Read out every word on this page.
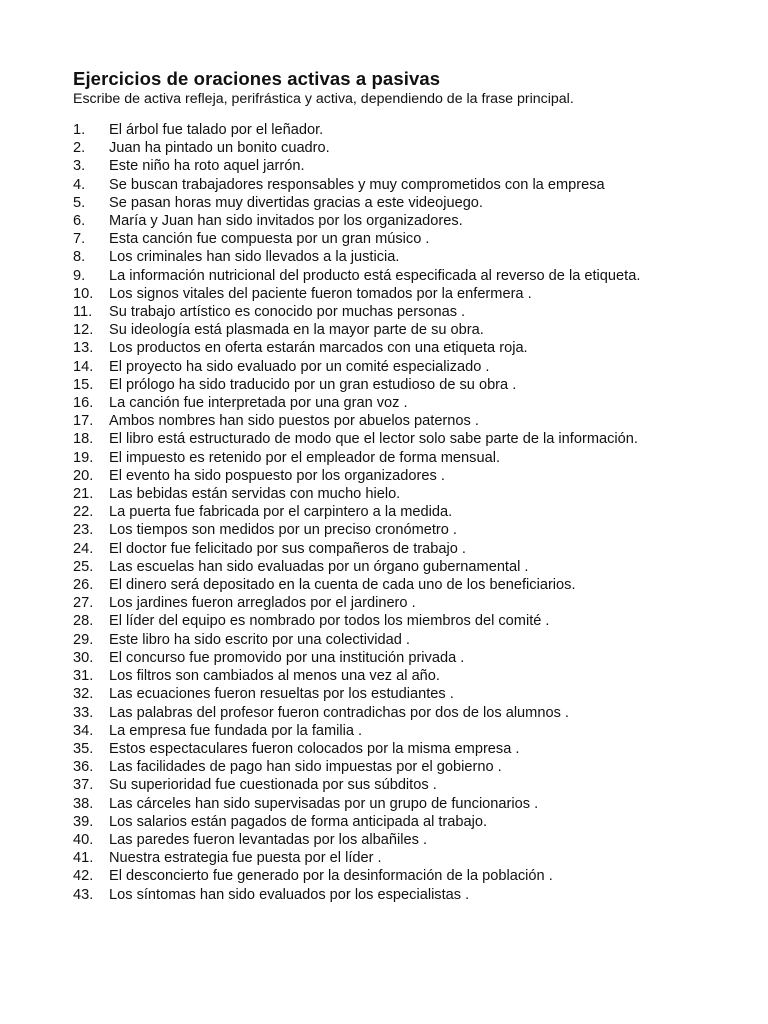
Ejercicios de oraciones activas a pasivas
Escribe de activa refleja, perifrástica y activa, dependiendo de la frase principal.
1.	El árbol fue talado por el leñador.
2.	Juan ha pintado un bonito cuadro.
3.	Este niño ha roto aquel jarrón.
4.	Se buscan trabajadores responsables y muy comprometidos con la empresa
5.	Se pasan horas muy divertidas gracias a este videojuego.
6.	María y Juan han sido invitados por los organizadores.
7.	Esta canción fue compuesta por un gran músico .
8.	Los criminales han sido llevados a la justicia.
9.	La información nutricional del producto está especificada al reverso de la etiqueta.
10.	Los signos vitales del paciente fueron tomados por la enfermera .
11.	Su trabajo artístico es conocido por muchas personas .
12.	Su ideología está plasmada en la mayor parte de su obra.
13.	Los productos en oferta estarán marcados con una etiqueta roja.
14.	El proyecto ha sido evaluado por un comité especializado .
15.	El prólogo ha sido traducido por un gran estudioso de su obra .
16.	La canción fue interpretada por una gran voz .
17.	Ambos nombres han sido puestos por abuelos paternos .
18.	El libro está estructurado de modo que el lector solo sabe parte de la información.
19.	El impuesto es retenido por el empleador de forma mensual.
20.	El evento ha sido pospuesto por los organizadores .
21.	Las bebidas están servidas con mucho hielo.
22.	La puerta fue fabricada por el carpintero a la medida.
23.	Los tiempos son medidos por un preciso cronómetro .
24.	El doctor fue felicitado por sus compañeros de trabajo .
25.	Las escuelas han sido evaluadas por un órgano gubernamental .
26.	El dinero será depositado en la cuenta de cada uno de los beneficiarios.
27.	Los jardines fueron arreglados por el jardinero .
28.	El líder del equipo es nombrado por todos los miembros del comité .
29.	Este libro ha sido escrito por una colectividad .
30.	El concurso fue promovido por una institución privada .
31.	Los filtros son cambiados al menos una vez al año.
32.	Las ecuaciones fueron resueltas por los estudiantes .
33.	Las palabras del profesor fueron contradichas por dos de los alumnos .
34.	La empresa fue fundada por la familia .
35.	Estos espectaculares fueron colocados por la misma empresa .
36.	Las facilidades de pago han sido impuestas por el gobierno .
37.	Su superioridad fue cuestionada por sus súbditos .
38.	Las cárceles han sido supervisadas por un grupo de funcionarios .
39.	Los salarios están pagados de forma anticipada al trabajo.
40.	Las paredes fueron levantadas por los albañiles .
41.	Nuestra estrategia fue puesta por el líder .
42.	El desconcierto fue generado por la desinformación de la población .
43.	Los síntomas han sido evaluados por los especialistas .
